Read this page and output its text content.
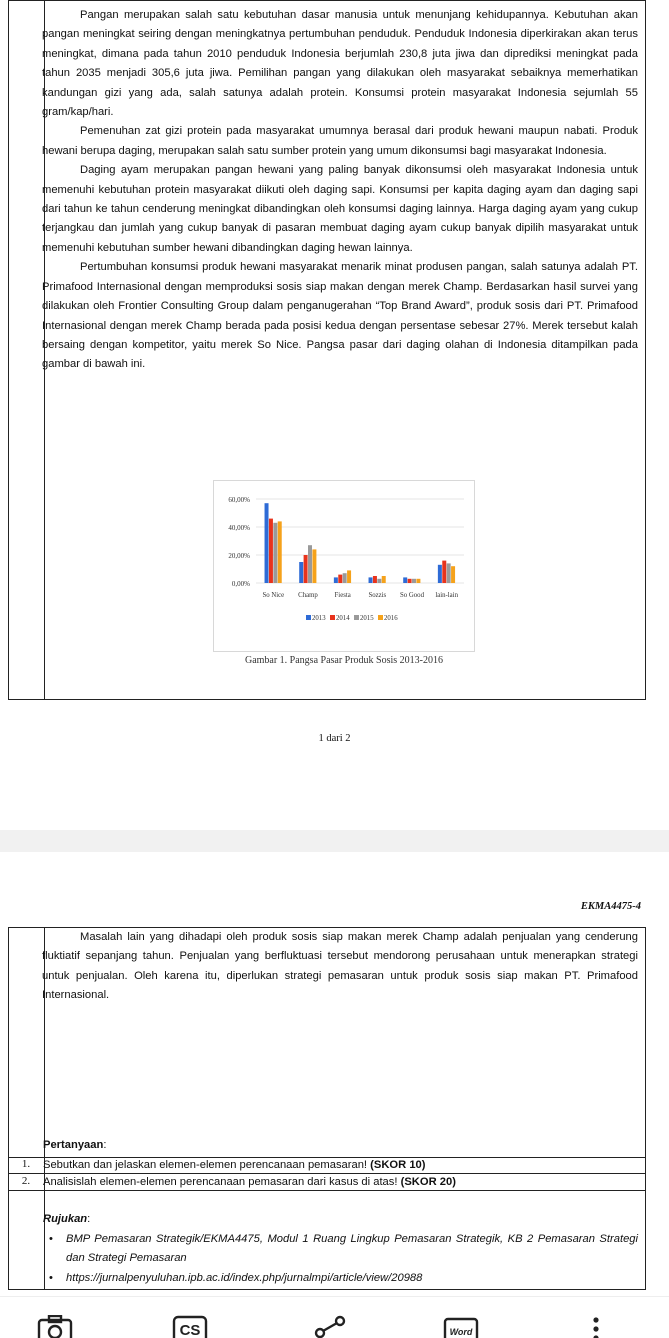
Pangan merupakan salah satu kebutuhan dasar manusia untuk menunjang kehidupannya. Kebutuhan akan pangan meningkat seiring dengan meningkatnya pertumbuhan penduduk. Penduduk Indonesia diperkirakan akan terus meningkat, dimana pada tahun 2010 penduduk Indonesia berjumlah 230,8 juta jiwa dan diprediksi meningkat pada tahun 2035 menjadi 305,6 juta jiwa. Pemilihan pangan yang dilakukan oleh masyarakat sebaiknya memerhatikan kandungan gizi yang ada, salah satunya adalah protein. Konsumsi protein masyarakat Indonesia sejumlah 55 gram/kap/hari.

Pemenuhan zat gizi protein pada masyarakat umumnya berasal dari produk hewani maupun nabati. Produk hewani berupa daging, merupakan salah satu sumber protein yang umum dikonsumsi bagi masyarakat Indonesia.

Daging ayam merupakan pangan hewani yang paling banyak dikonsumsi oleh masyarakat Indonesia untuk memenuhi kebutuhan protein masyarakat diikuti oleh daging sapi. Konsumsi per kapita daging ayam dan daging sapi dari tahun ke tahun cenderung meningkat dibandingkan oleh konsumsi daging lainnya. Harga daging ayam yang cukup terjangkau dan jumlah yang cukup banyak di pasaran membuat daging ayam cukup banyak dipilih masyarakat untuk memenuhi kebutuhan sumber hewani dibandingkan daging hewan lainnya.

Pertumbuhan konsumsi produk hewani masyarakat menarik minat produsen pangan, salah satunya adalah PT. Primafood Internasional dengan memproduksi sosis siap makan dengan merek Champ. Berdasarkan hasil survei yang dilakukan oleh Frontier Consulting Group dalam penganugerahan “Top Brand Award”, produk sosis dari PT. Primafood Internasional dengan merek Champ berada pada posisi kedua dengan persentase sebesar 27%. Merek tersebut kalah bersaing dengan kompetitor, yaitu merek So Nice. Pangsa pasar dari daging olahan di Indonesia ditampilkan pada gambar di bawah ini.

0,00%
20,00%
40,00%
60,00%
So Nice Champ Fiesta	Sozzis So Good lain-lain
2013 2014 2015 2016
Gambar 1. Pangsa Pasar Produk Sosis 2013-2016
1 dari 2
EKMA4475-4
1.
2.

Masalah lain yang dihadapi oleh produk sosis siap makan merek Champ adalah penjualan yang cenderung fluktiatif sepanjang tahun. Penjualan yang berfluktuasi tersebut mendorong perusahaan untuk menerapkan strategi untuk penjualan. Oleh karena itu, diperlukan strategi pemasaran untuk produk sosis siap makan PT. Primafood Internasional.

Pertanyaan:
Sebutkan dan jelaskan elemen-elemen perencanaan pemasaran! (SKOR 10)
Analisislah elemen-elemen perencanaan pemasaran dari kasus di atas! (SKOR 20)
Rujukan:
• BMP Pemasaran Strategik/EKMA4475, Modul 1 Ruang Lingkup Pemasaran Strategik, KB 2 Pemasaran Strategi dan Strategi Pemasaran
• https://jurnalpenyuluhan.ipb.ac.id/index.php/jurnalmpi/article/view/20988
CS	Word
